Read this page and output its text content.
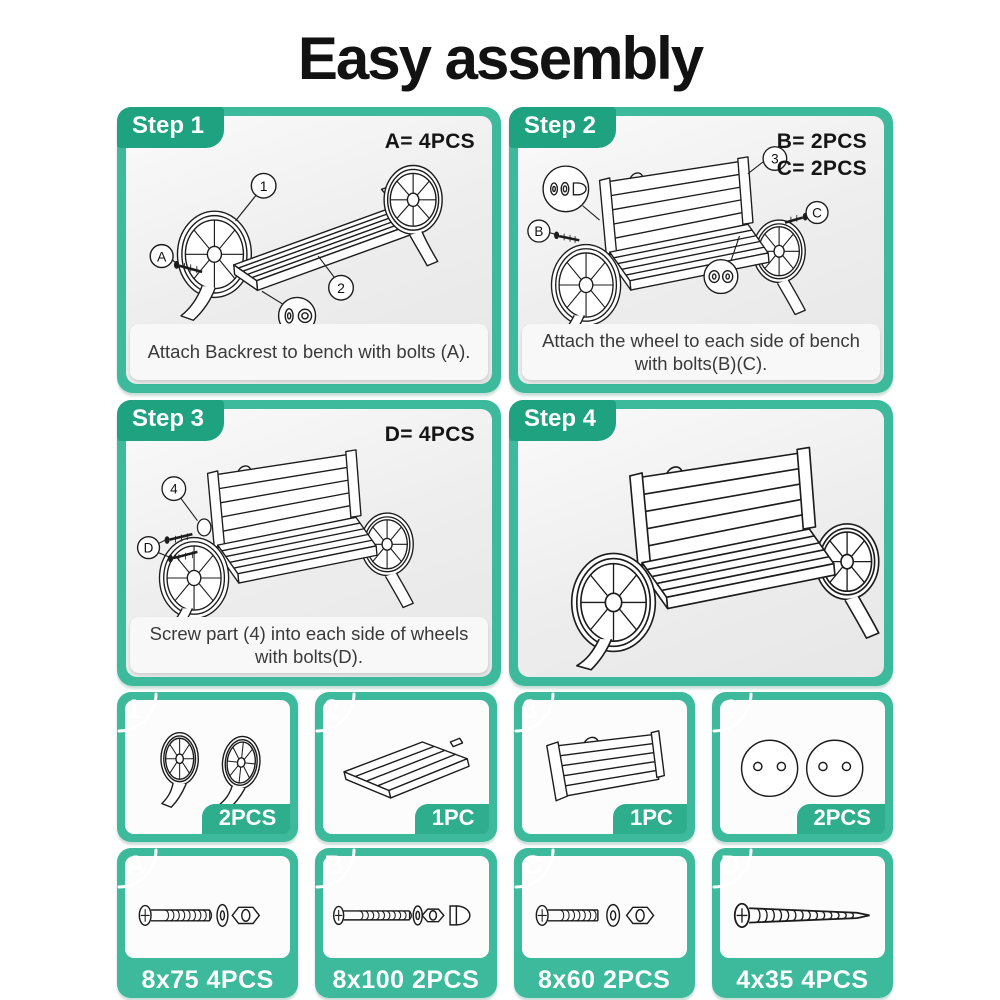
Easy assembly
Step 1
A= 4PCS
1
2
A
Attach Backrest to bench with bolts (A).
Step 2
B= 2PCS
C= 2PCS
3
B
C
Attach the wheel to each side of bench with bolts(B)(C).
Step 3
D= 4PCS
4
D
Screw part (4) into each side of wheels with bolts(D).
Step 4
1
2PCS
2
1PC
3
1PC
4
2PCS
A
8x75 4PCS
B
8x100 2PCS
C
8x60 2PCS
D
4x35 4PCS
